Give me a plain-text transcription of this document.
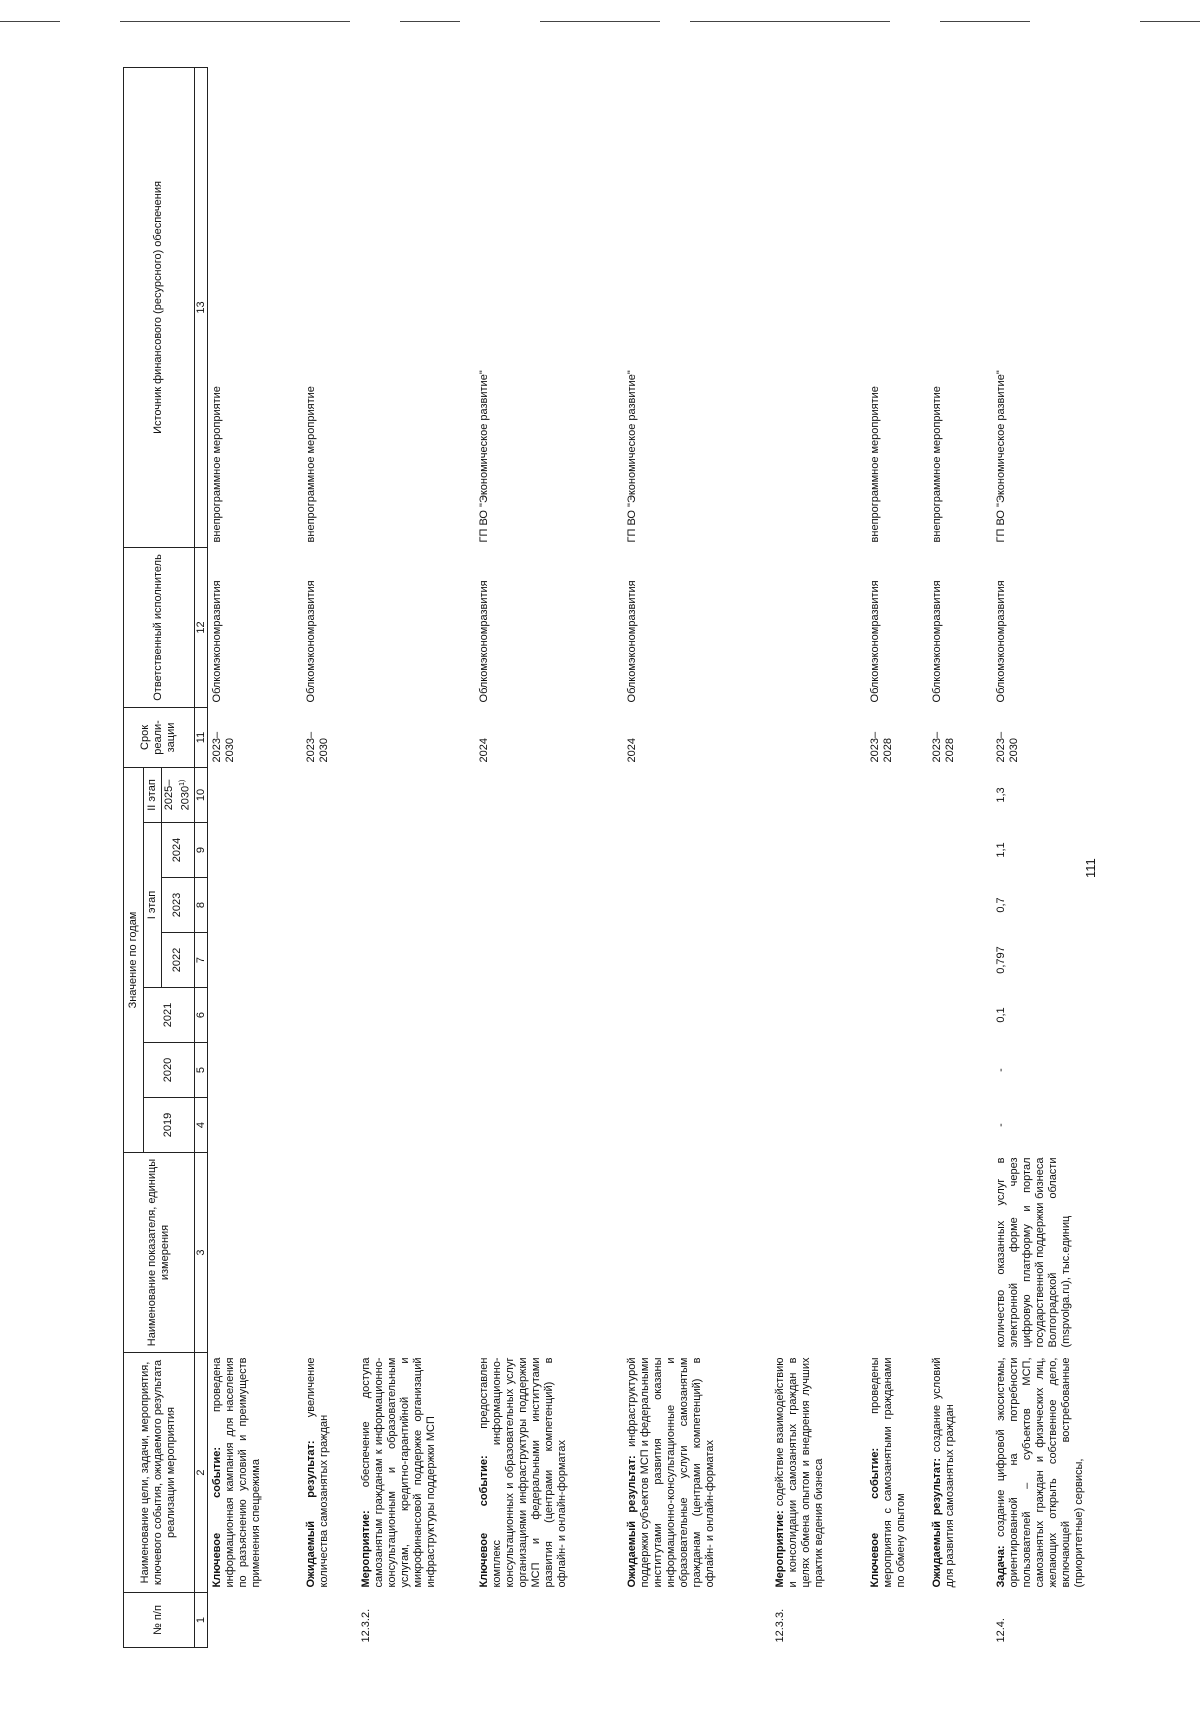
111
№ п/п	Наименование цели, задачи, мероприятия, ключевого события, ожидаемого результата реализации мероприятия	Наименование показателя, единицы измерения	Значение по годам							Срок реали-зации	Ответственный исполнитель	Источник финансового (ресурсного) обеспечения
			2019	2020	2021	I этап			II этап			
						2022	2023	2024	2025–2030$^{1)}$
1	2	3	4	5	6	7	8	9	10	11	12	13
	Ключевое событие: проведена информационная кампания для населения по разъяснению условий и преимуществ применения спецрежима									2023–2030	Облкомэкономразвития	внепрограммное мероприятие
	Ожидаемый результат: увеличение количества самозанятых граждан									2023–2030	Облкомэкономразвития	внепрограммное мероприятие
12.3.2.	Мероприятие: обеспечение доступа самозанятым гражданам к информационно-консультационным и образовательным услугам, кредитно-гарантийной и микрофинансовой поддержке организаций инфраструктуры поддержки МСП											
	Ключевое событие: предоставлен комплекс информационно-консультационных и образовательных услуг организациями инфраструктуры поддержки МСП и федеральными институтами развития (центрами компетенций) в офлайн- и онлайн-форматах									2024	Облкомэкономразвития	ГП ВО "Экономическое развитие"
	Ожидаемый результат: инфраструктурой поддержки субъектов МСП и федеральными институтами развития оказаны информационно-консультационные и образовательные услуги самозанятым гражданам (центрами компетенций) в офлайн- и онлайн-форматах									2024	Облкомэкономразвития	ГП ВО "Экономическое развитие"
12.3.3.	Мероприятие: содействие взаимодействию и консолидации самозанятых граждан в целях обмена опытом и внедрения лучших практик ведения бизнеса											
	Ключевое событие: проведены мероприятия с самозанятыми гражданами по обмену опытом									2023–2028	Облкомэкономразвития	внепрограммное мероприятие
	Ожидаемый результат: создание условий для развития самозанятых граждан									2023–2028	Облкомэкономразвития	внепрограммное мероприятие
12.4.	Задача: создание цифровой экосистемы, ориентированной на потребности пользователей – субъектов МСП, самозанятых граждан и физических лиц, желающих открыть собственное дело, включающей востребованные (приоритетные) сервисы,	количество оказанных услуг в электронной форме через цифровую платформу и портал государственной поддержки бизнеса Волгоградской области (mspvolga.ru), тыс.единиц	-	-	0,1	0,797	0,7	1,1	1,3	2023–2030	Облкомэкономразвития	ГП ВО "Экономическое развитие"
